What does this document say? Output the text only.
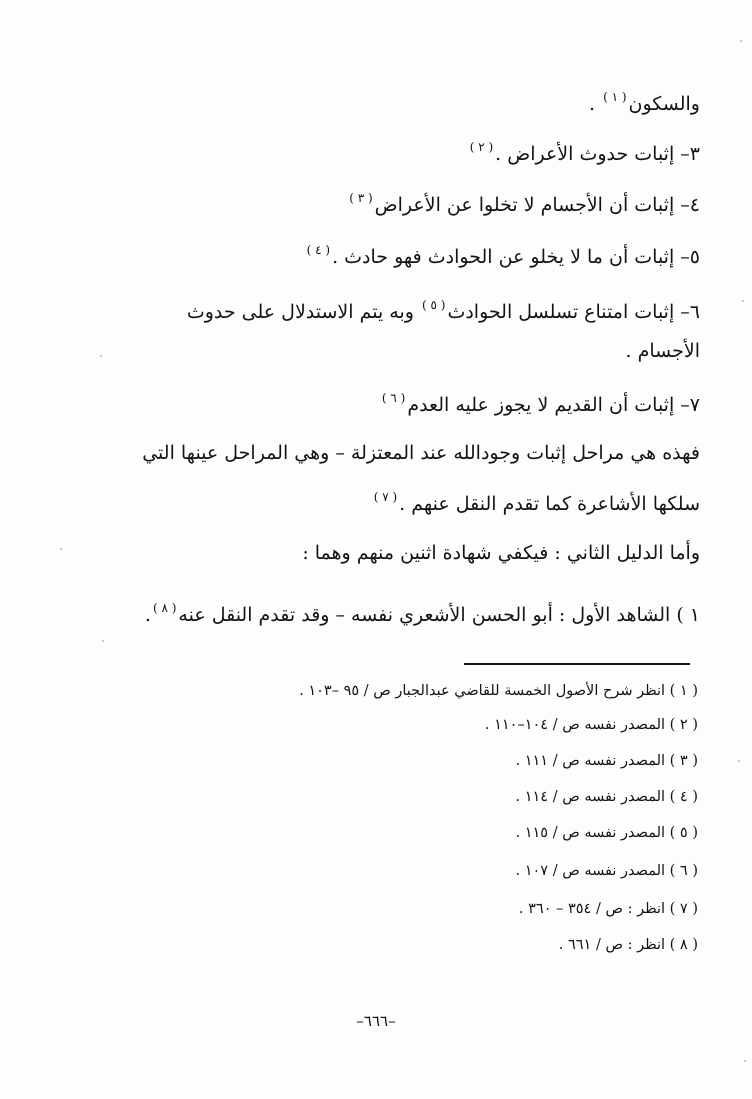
والسكون$^{( ١ )}$ .
٣– إثبات حدوث الأعراض .$^{( ٢ )}$
٤– إثبات أن الأجسام لا تخلوا عن الأعراض$^{( ٣ )}$
٥– إثبات أن ما لا يخلو عن الحوادث فهو حادث .$^{( ٤ )}$
٦– إثبات امتناع تسلسل الحوادث$^{( ٥ )}$ وبه يتم الاستدلال على حدوث
الأجسام .
٧– إثبات أن القديم لا يجوز عليه العدم$^{( ٦ )}$
فهذه هي مراحل إثبات وجودالله عند المعتزلة – وهي المراحل عينها التي
سلكها الأشاعرة كما تقدم النقل عنهم .$^{( ٧ )}$
وأما الدليل الثاني : فيكفي شهادة اثنين منهم وهما :
١ ) الشاهد الأول : أبو الحسن الأشعري نفسه – وقد تقدم النقل عنه$^{( ٨ )}$.
( ١ ) انظر شرح الأصول الخمسة للقاضي عبدالجبار ص / ٩٥ –١٠٣ .
( ٢ ) المصدر نفسه ص / ١٠٤–١١٠ .
( ٣ ) المصدر نفسه ص / ١١١ .
( ٤ ) المصدر نفسه ص / ١١٤ .
( ٥ ) المصدر نفسه ص / ١١٥ .
( ٦ ) المصدر نفسه ص / ١٠٧ .
( ٧ ) انظر : ص / ٣٥٤ – ٣٦٠ .
( ٨ ) انظر : ص / ٦٦١ .
–٦٦٦–
